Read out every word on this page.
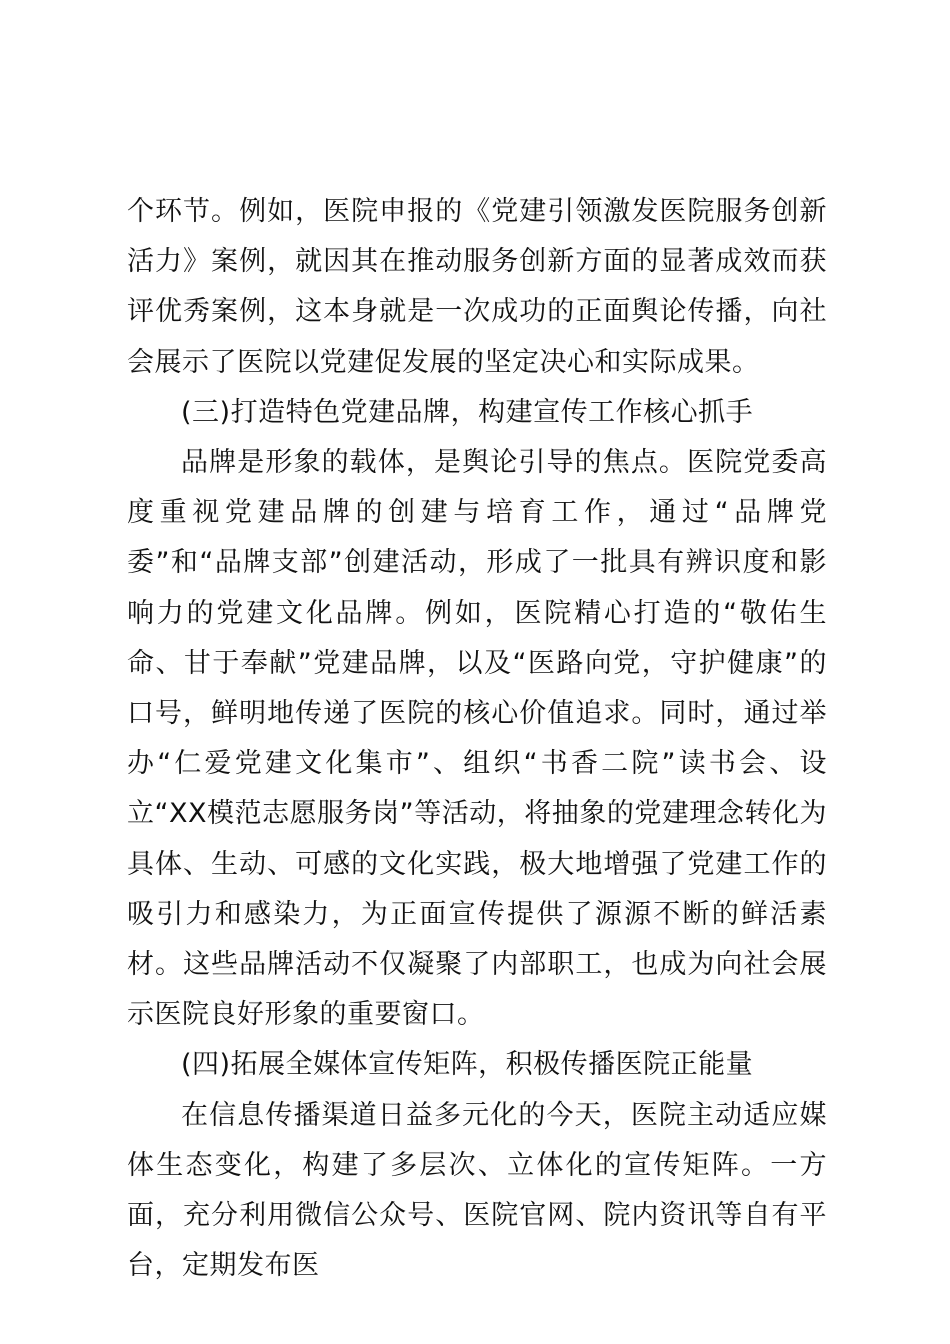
个环节。例如，医院申报的《党建引领激发医院服务创新活力》案例，就因其在推动服务创新方面的显著成效而获评优秀案例，这本身就是一次成功的正面舆论传播，向社会展示了医院以党建促发展的坚定决心和实际成果。

(三)打造特色党建品牌，构建宣传工作核心抓手

品牌是形象的载体，是舆论引导的焦点。医院党委高度重视党建品牌的创建与培育工作，通过“品牌党委”和“品牌支部”创建活动，形成了一批具有辨识度和影响力的党建文化品牌。例如，医院精心打造的“敬佑生命、甘于奉献”党建品牌，以及“医路向党，守护健康”的口号，鲜明地传递了医院的核心价值追求。同时，通过举办“仁爱党建文化集市”、组织“书香二院”读书会、设立“XX模范志愿服务岗”等活动，将抽象的党建理念转化为具体、生动、可感的文化实践，极大地增强了党建工作的吸引力和感染力，为正面宣传提供了源源不断的鲜活素材。这些品牌活动不仅凝聚了内部职工，也成为向社会展示医院良好形象的重要窗口。

(四)拓展全媒体宣传矩阵，积极传播医院正能量

在信息传播渠道日益多元化的今天，医院主动适应媒体生态变化，构建了多层次、立体化的宣传矩阵。一方面，充分利用微信公众号、医院官网、院内资讯等自有平台，定期发布医
